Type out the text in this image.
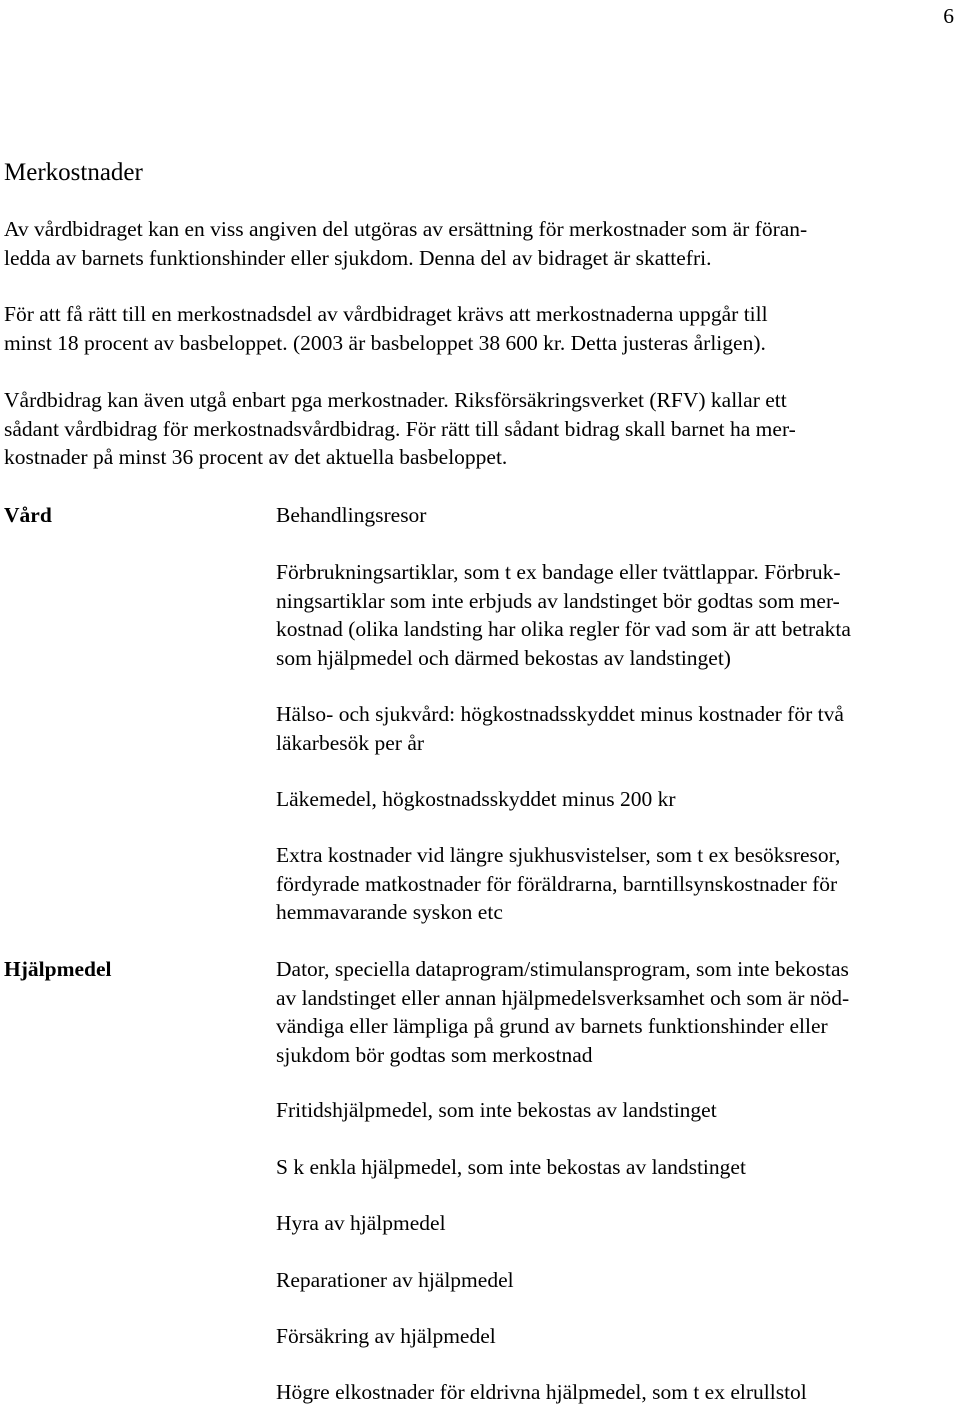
6
Merkostnader

Av vårdbidraget kan en viss angiven del utgöras av ersättning för merkostnader som är föran-
ledda av barnets funktionshinder eller sjukdom. Denna del av bidraget är skattefri.

För att få rätt till en merkostnadsdel av vårdbidraget krävs att merkostnaderna uppgår till
minst 18 procent av basbeloppet. (2003 är basbeloppet 38 600 kr. Detta justeras årligen).

Vårdbidrag kan även utgå enbart pga merkostnader. Riksförsäkringsverket (RFV) kallar ett
sådant vårdbidrag för merkostnadsvårdbidrag. För rätt till sådant bidrag skall barnet ha mer-
kostnader på minst 36 procent av det aktuella basbeloppet.

Vård	Behandlingsresor

Förbrukningsartiklar, som t ex bandage eller tvättlappar. Förbruk-
ningsartiklar som inte erbjuds av landstinget bör godtas som mer-
kostnad (olika landsting har olika regler för vad som är att betrakta
som hjälpmedel och därmed bekostas av landstinget)

Hälso- och sjukvård: högkostnadsskyddet minus kostnader för två
läkarbesök per år

Läkemedel, högkostnadsskyddet minus 200 kr

Extra kostnader vid längre sjukhusvistelser, som t ex besöksresor,
fördyrade matkostnader för föräldrarna, barntillsynskostnader för
hemmavarande syskon etc

Hjälpmedel	Dator, speciella dataprogram/stimulansprogram, som inte bekostas
av landstinget eller annan hjälpmedelsverksamhet och som är nöd-
vändiga eller lämpliga på grund av barnets funktionshinder eller
sjukdom bör godtas som merkostnad

Fritidshjälpmedel, som inte bekostas av landstinget

S k enkla hjälpmedel, som inte bekostas av landstinget

Hyra av hjälpmedel

Reparationer av hjälpmedel

Försäkring av hjälpmedel

Högre elkostnader för eldrivna hjälpmedel, som t ex elrullstol
